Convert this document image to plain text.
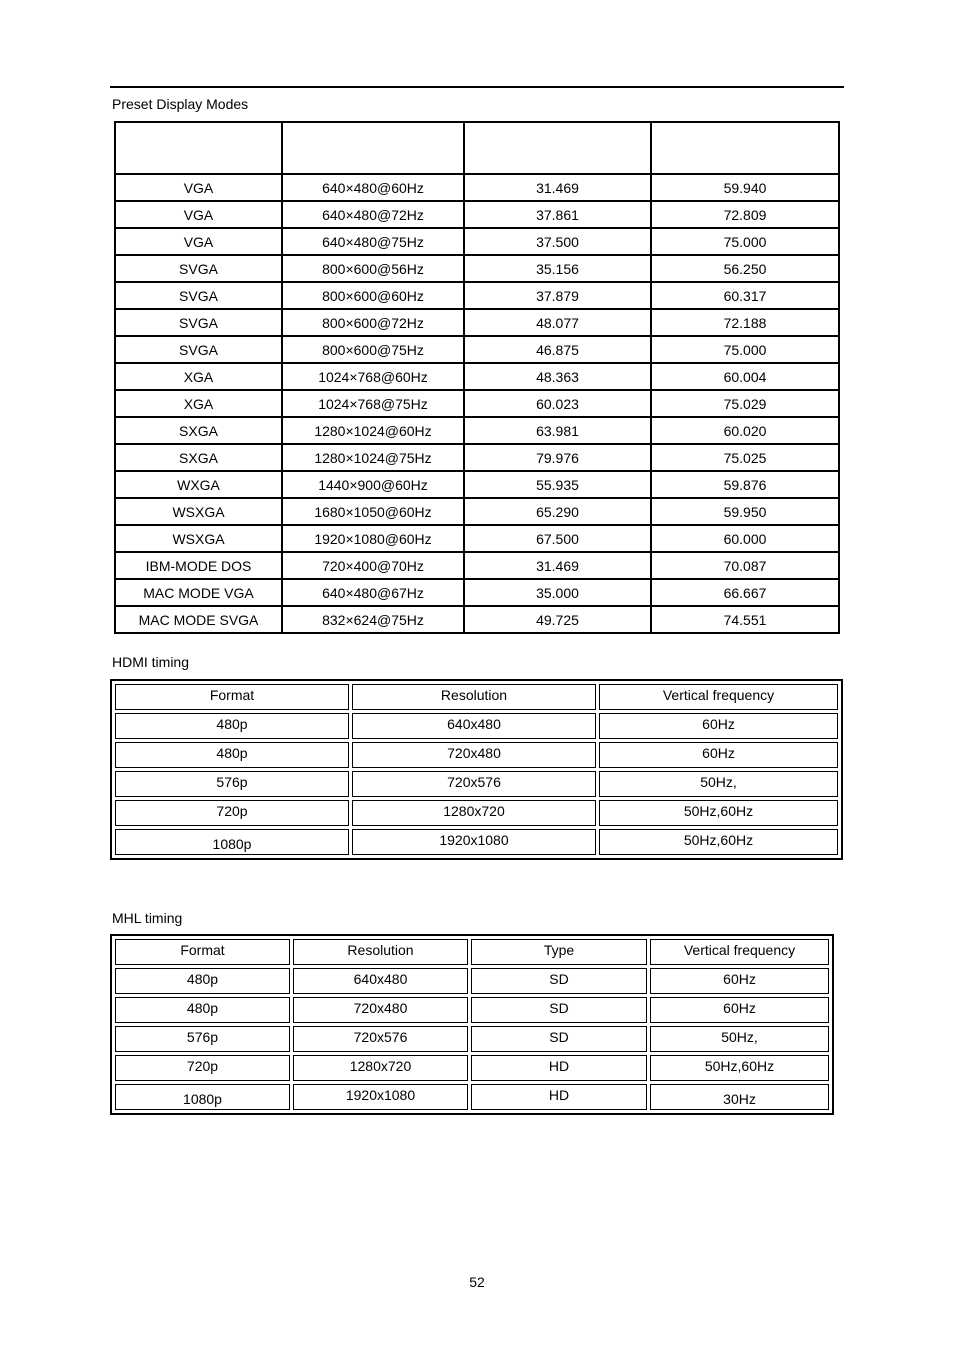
Preset Display Modes

VGA	640×480@60Hz	31.469	59.940
VGA	640×480@72Hz	37.861	72.809
VGA	640×480@75Hz	37.500	75.000
SVGA	800×600@56Hz	35.156	56.250
SVGA	800×600@60Hz	37.879	60.317
SVGA	800×600@72Hz	48.077	72.188
SVGA	800×600@75Hz	46.875	75.000
XGA	1024×768@60Hz	48.363	60.004
XGA	1024×768@75Hz	60.023	75.029
SXGA	1280×1024@60Hz	63.981	60.020
SXGA	1280×1024@75Hz	79.976	75.025
WXGA	1440×900@60Hz	55.935	59.876
WSXGA	1680×1050@60Hz	65.290	59.950
WSXGA	1920×1080@60Hz	67.500	60.000
IBM-MODE DOS	720×400@70Hz	31.469	70.087
MAC MODE VGA	640×480@67Hz	35.000	66.667
MAC MODE SVGA	832×624@75Hz	49.725	74.551
HDMI timing
Format	Resolution	Vertical frequency
480p	640x480	60Hz
480p	720x480	60Hz
576p	720x576	50Hz,
720p	1280x720	50Hz,60Hz
1080p	1920x1080	50Hz,60Hz
MHL timing
Format	Resolution	Type	Vertical frequency
480p	640x480	SD	60Hz
480p	720x480	SD	60Hz
576p	720x576	SD	50Hz,
720p	1280x720	HD	50Hz,60Hz
1080p	1920x1080	HD	30Hz
52
